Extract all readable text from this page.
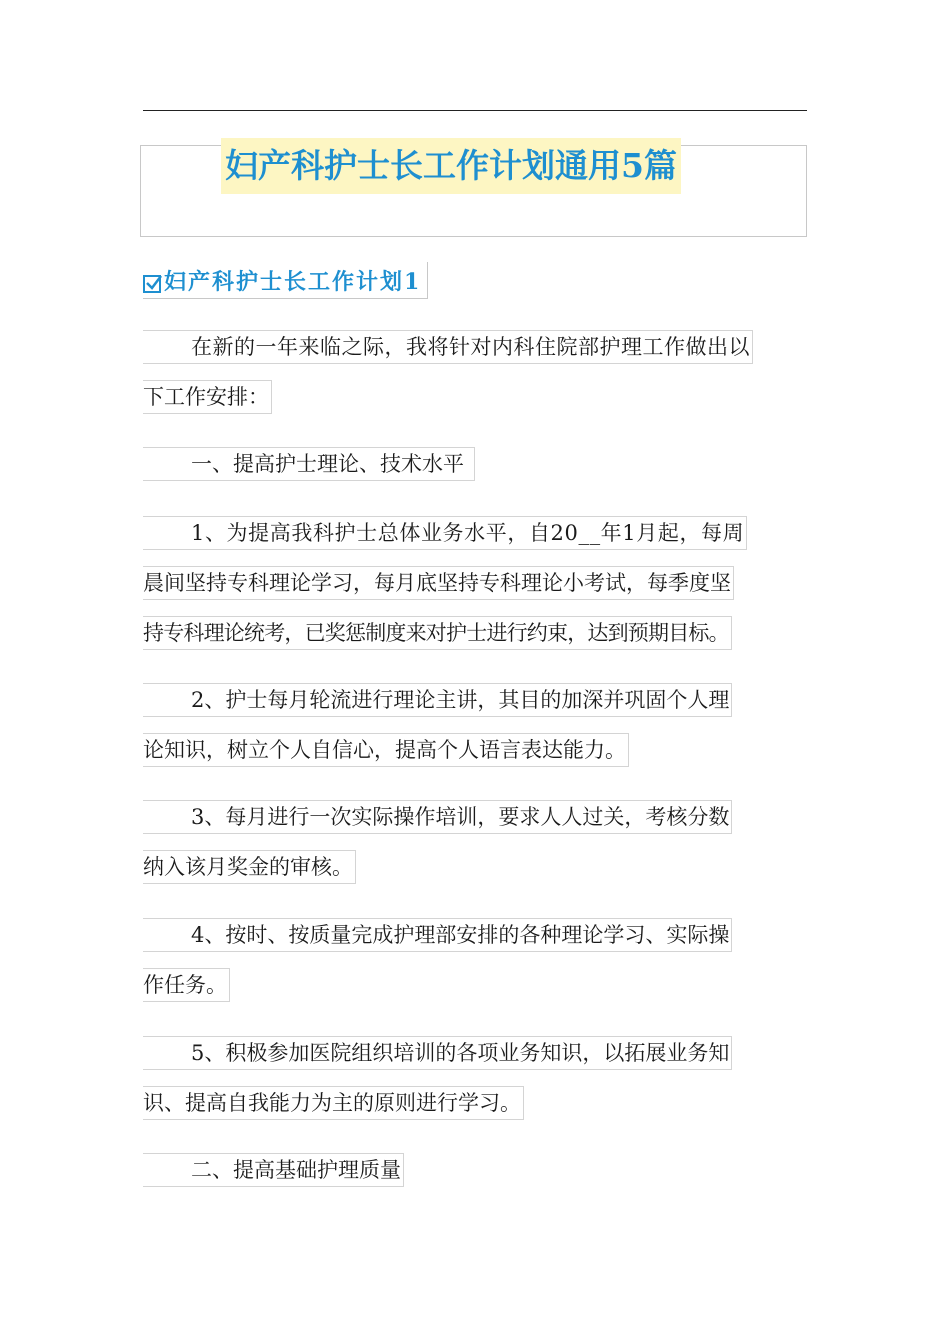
妇产科护士长工作计划通用5篇
妇产科护士长工作计划1
在新的一年来临之际，我将针对内科住院部护理工作做出以
下工作安排：
一、提高护士理论、技术水平
1、为提高我科护士总体业务水平，自20__年1月起，每周
晨间坚持专科理论学习，每月底坚持专科理论小考试，每季度坚
持专科理论统考，已奖惩制度来对护士进行约束，达到预期目标。
2、护士每月轮流进行理论主讲，其目的加深并巩固个人理
论知识，树立个人自信心，提高个人语言表达能力。
3、每月进行一次实际操作培训，要求人人过关，考核分数
纳入该月奖金的审核。
4、按时、按质量完成护理部安排的各种理论学习、实际操
作任务。
5、积极参加医院组织培训的各项业务知识，以拓展业务知
识、提高自我能力为主的原则进行学习。
二、提高基础护理质量
